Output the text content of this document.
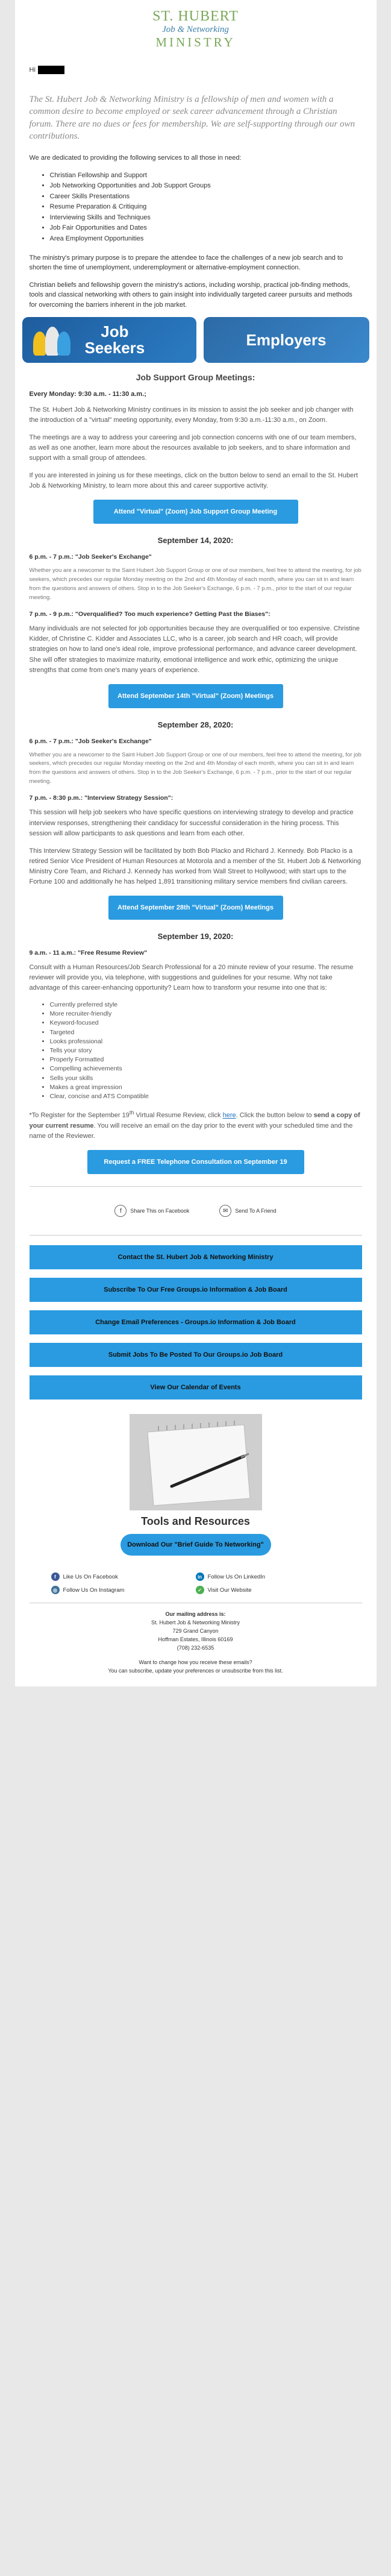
ST. HUBERT
Job & Networking
MINISTRY
Hi
The St. Hubert Job & Networking Ministry is a fellowship of men and women with a common desire to become employed or seek career advancement through a Christian forum. There are no dues or fees for membership. We are self-supporting through our own contributions.

We are dedicated to providing the following services to all those in need:

• Christian Fellowship and Support
• Job Networking Opportunities and Job Support Groups
• Career Skills Presentations
• Resume Preparation & Critiquing
• Interviewing Skills and Techniques
• Job Fair Opportunities and Dates
• Area Employment Opportunities

The ministry's primary purpose is to prepare the attendee to face the challenges of a new job search and to shorten the time of unemployment, underemployment or alternative-employment connection.

Christian beliefs and fellowship govern the ministry's actions, including worship, practical job-finding methods, tools and classical networking with others to gain insight into individually targeted career pursuits and methods for overcoming the barriers inherent in the job market.

Job
Seekers	Employers
Job Support Group Meetings:
Every Monday: 9:30 a.m. - 11:30 a.m.;

The St. Hubert Job & Networking Ministry continues in its mission to assist the job seeker and job changer with the introduction of a "virtual" meeting opportunity, every Monday, from 9:30 a.m.-11:30 a.m., on Zoom.

The meetings are a way to address your careering and job connection concerns with one of our team members, as well as one another, learn more about the resources available to job seekers, and to share information and support with a small group of attendees.

If you are interested in joining us for these meetings, click on the button below to send an email to the St. Hubert Job & Networking Ministry, to learn more about this and career supportive activity.

Attend "Virtual" (Zoom) Job Support Group Meeting
September 14, 2020:
6 p.m. - 7 p.m.: "Job Seeker's Exchange"

Whether you are a newcomer to the Saint Hubert Job Support Group or one of our members, feel free to attend the meeting, for job seekers, which precedes our regular Monday meeting on the 2nd and 4th Monday of each month, where you can sit in and learn from the questions and answers of others. Stop in to the Job Seeker's Exchange, 6 p.m. - 7 p.m., prior to the start of our regular meeting.

7 p.m. - 9 p.m.: "Overqualified? Too much experience? Getting Past the Biases":

Many individuals are not selected for job opportunities because they are overqualified or too expensive. Christine Kidder, of Christine C. Kidder and Associates LLC, who is a career, job search and HR coach, will provide strategies on how to land one's ideal role, improve professional performance, and advance career development. She will offer strategies to maximize maturity, emotional intelligence and work ethic, optimizing the unique strengths that come from one's many years of experience.

Attend September 14th "Virtual" (Zoom) Meetings
September 28, 2020:
6 p.m. - 7 p.m.: "Job Seeker's Exchange"

Whether you are a newcomer to the Saint Hubert Job Support Group or one of our members, feel free to attend the meeting, for job seekers, which precedes our regular Monday meeting on the 2nd and 4th Monday of each month, where you can sit in and learn from the questions and answers of others. Stop in to the Job Seeker's Exchange, 6 p.m. - 7 p.m., prior to the start of our regular meeting.

7 p.m. - 8:30 p.m.: "Interview Strategy Session":

This session will help job seekers who have specific questions on interviewing strategy to develop and practice interview responses, strengthening their candidacy for successful consideration in the hiring process. This session will allow participants to ask questions and learn from each other.

This Interview Strategy Session will be facilitated by both Bob Placko and Richard J. Kennedy. Bob Placko is a retired Senior Vice President of Human Resources at Motorola and a member of the St. Hubert Job & Networking Ministry Core Team, and Richard J. Kennedy has worked from Wall Street to Hollywood; with start ups to the Fortune 100 and additionally he has helped 1,891 transitioning military service members find civilian careers.

Attend September 28th "Virtual" (Zoom) Meetings
September 19, 2020:
9 a.m. - 11 a.m.: "Free Resume Review"

Consult with a Human Resources/Job Search Professional for a 20 minute review of your resume. The resume reviewer will provide you, via telephone, with suggestions and guidelines for your resume. Why not take advantage of this career-enhancing opportunity? Learn how to transform your resume into one that is:

• Currently preferred style
• More recruiter-friendly
• Keyword-focused
• Targeted
• Looks professional
• Tells your story
• Properly Formatted
• Compelling achievements
• Sells your skills
• Makes a great impression
• Clear, concise and ATS Compatible

*To Register for the September 19th Virtual Resume Review, click here. Click the button below to send a copy of your current resume. You will receive an email on the day prior to the event with your scheduled time and the name of the Reviewer.

Request a FREE Telephone Consultation on September 19
f	Share This on Facebook	✉	Send To A Friend
Contact the St. Hubert Job & Networking Ministry
Subscribe To Our Free Groups.io Information & Job Board
Change Email Preferences - Groups.io Information & Job Board
Submit Jobs To Be Posted To Our Groups.io Job Board
View Our Calendar of Events
Tools and Resources
Download Our "Brief Guide To Networking"
f	Like Us On Facebook	in Follow Us On LinkedIn
◎	Follow Us On Instagram	✓	Visit Our Website
Our mailing address is:
St. Hubert Job & Networking Ministry
729 Grand Canyon
Hoffman Estates, Illinois 60169
(708) 232-6535
Want to change how you receive these emails?
You can subscribe, update your preferences or unsubscribe from this list.
